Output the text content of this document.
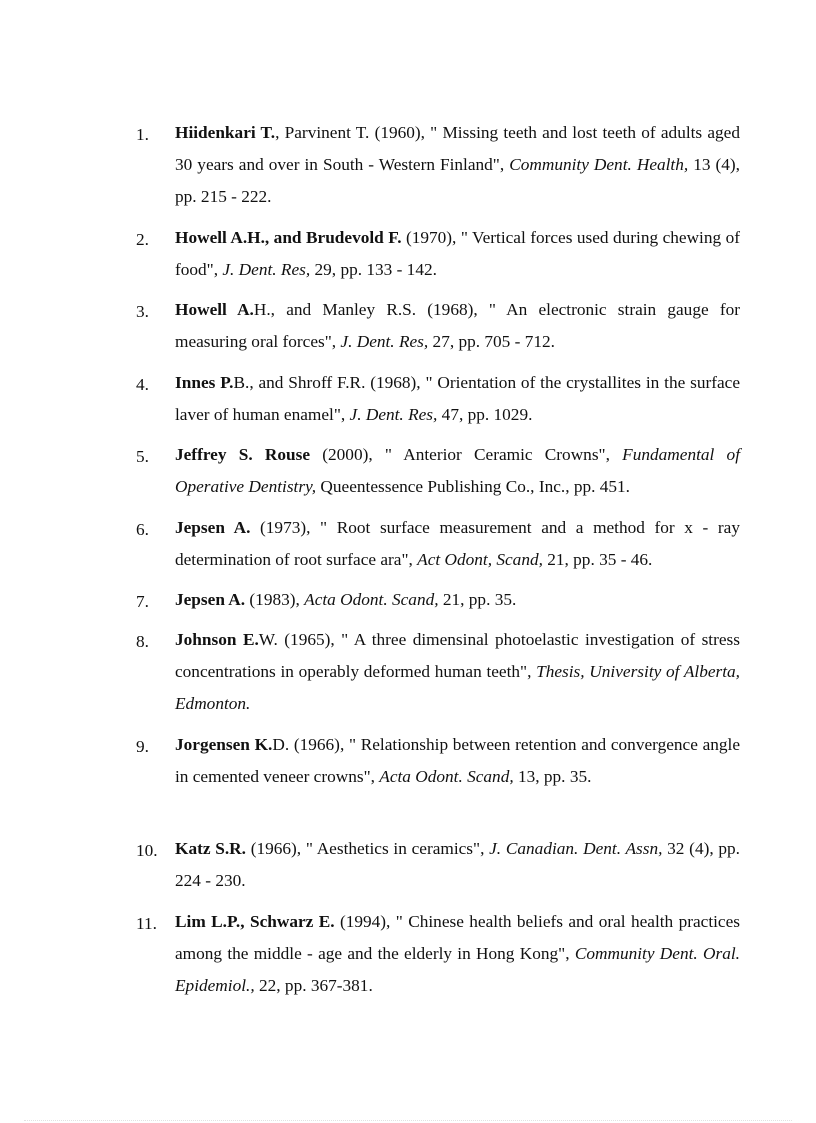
1.	Hiidenkari T., Parvinent T. (1960), " Missing teeth and lost teeth of adults aged 30 years and over in South - Western Finland", Community Dent. Health, 13 (4), pp. 215 - 222.
2.	Howell A.H., and Brudevold F. (1970), " Vertical forces used during chewing of food", J. Dent. Res, 29, pp. 133 - 142.
3.	Howell A.H., and Manley R.S. (1968), " An electronic strain gauge for measuring oral forces", J. Dent. Res, 27, pp. 705 - 712.
4.	Innes P.B., and Shroff F.R. (1968), " Orientation of the crystallites in the surface laver of human enamel", J. Dent. Res, 47, pp. 1029.
5.	Jeffrey S. Rouse (2000), " Anterior Ceramic Crowns", Fundamental of Operative Dentistry, Queentessence Publishing Co., Inc., pp. 451.
6.	Jepsen A. (1973), " Root surface measurement and a method for x - ray determination of root surface ara", Act Odont, Scand, 21, pp. 35 - 46.
7.	Jepsen A. (1983), Acta Odont. Scand, 21, pp. 35.
8.	Johnson E.W. (1965), " A three dimensinal photoelastic investigation of stress concentrations in operably deformed human teeth", Thesis, University of Alberta, Edmonton.
9.	Jorgensen K.D. (1966), " Relationship between retention and convergence angle in cemented veneer crowns", Acta Odont. Scand, 13, pp. 35.
10.	Katz S.R. (1966), " Aesthetics in ceramics", J. Canadian. Dent. Assn, 32 (4), pp. 224 - 230.
11.	Lim L.P., Schwarz E. (1994), " Chinese health beliefs and oral health practices among the middle - age and the elderly in Hong Kong", Community Dent. Oral. Epidemiol., 22, pp. 367-381.
